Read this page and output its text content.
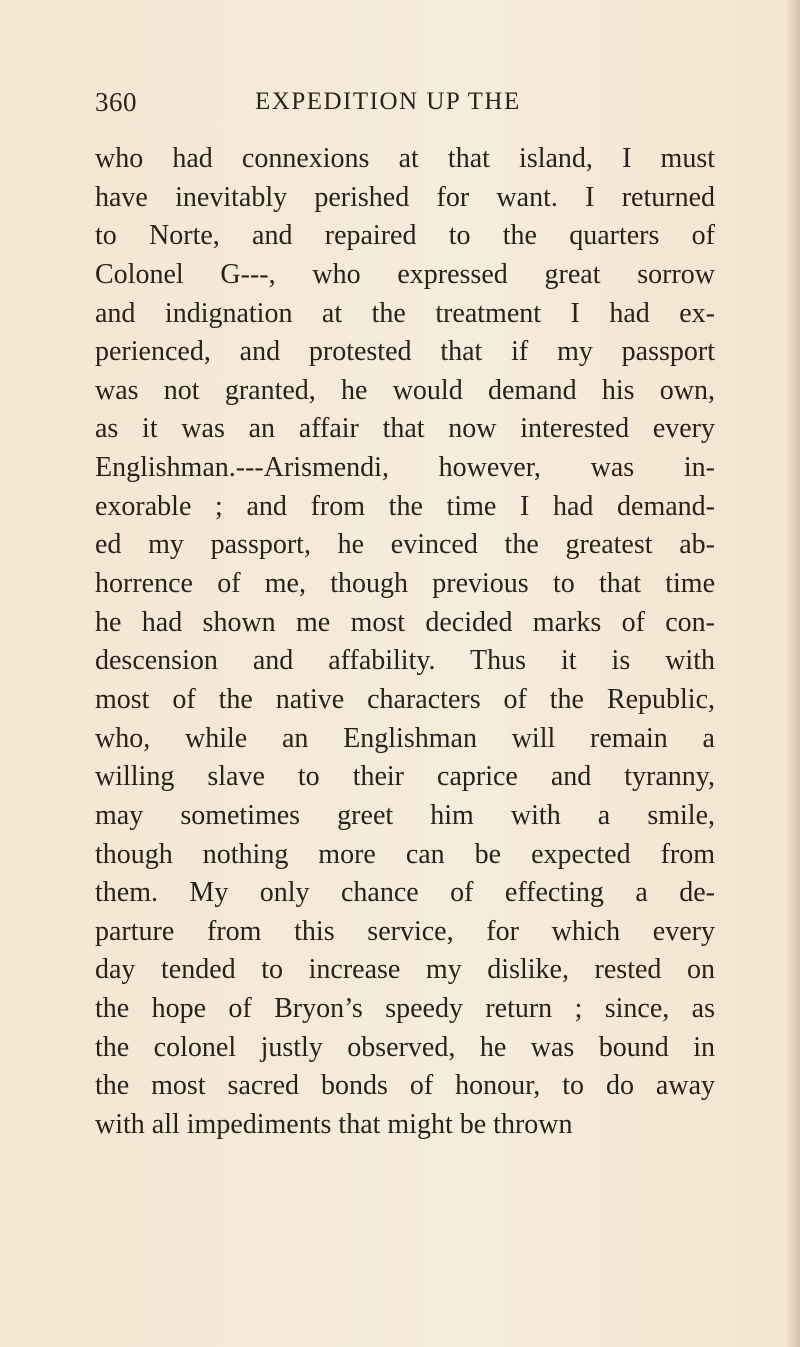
360	EXPEDITION UP THE
who had connexions at that island, I must
have inevitably perished for want. I returned
to Norte, and repaired to the quarters of
Colonel G---, who expressed great sorrow
and indignation at the treatment I had ex-
perienced, and protested that if my passport
was not granted, he would demand his own,
as it was an affair that now interested every
Englishman.---Arismendi, however, was in-
exorable ; and from the time I had demand-
ed my passport, he evinced the greatest ab-
horrence of me, though previous to that time
he had shown me most decided marks of con-
descension and affability. Thus it is with
most of the native characters of the Republic,
who, while an Englishman will remain a
willing slave to their caprice and tyranny,
may sometimes greet him with a smile,
though nothing more can be expected from
them. My only chance of effecting a de-
parture from this service, for which every
day tended to increase my dislike, rested on
the hope of Bryon’s speedy return ; since, as
the colonel justly observed, he was bound in
the most sacred bonds of honour, to do away
with all impediments that might be thrown
